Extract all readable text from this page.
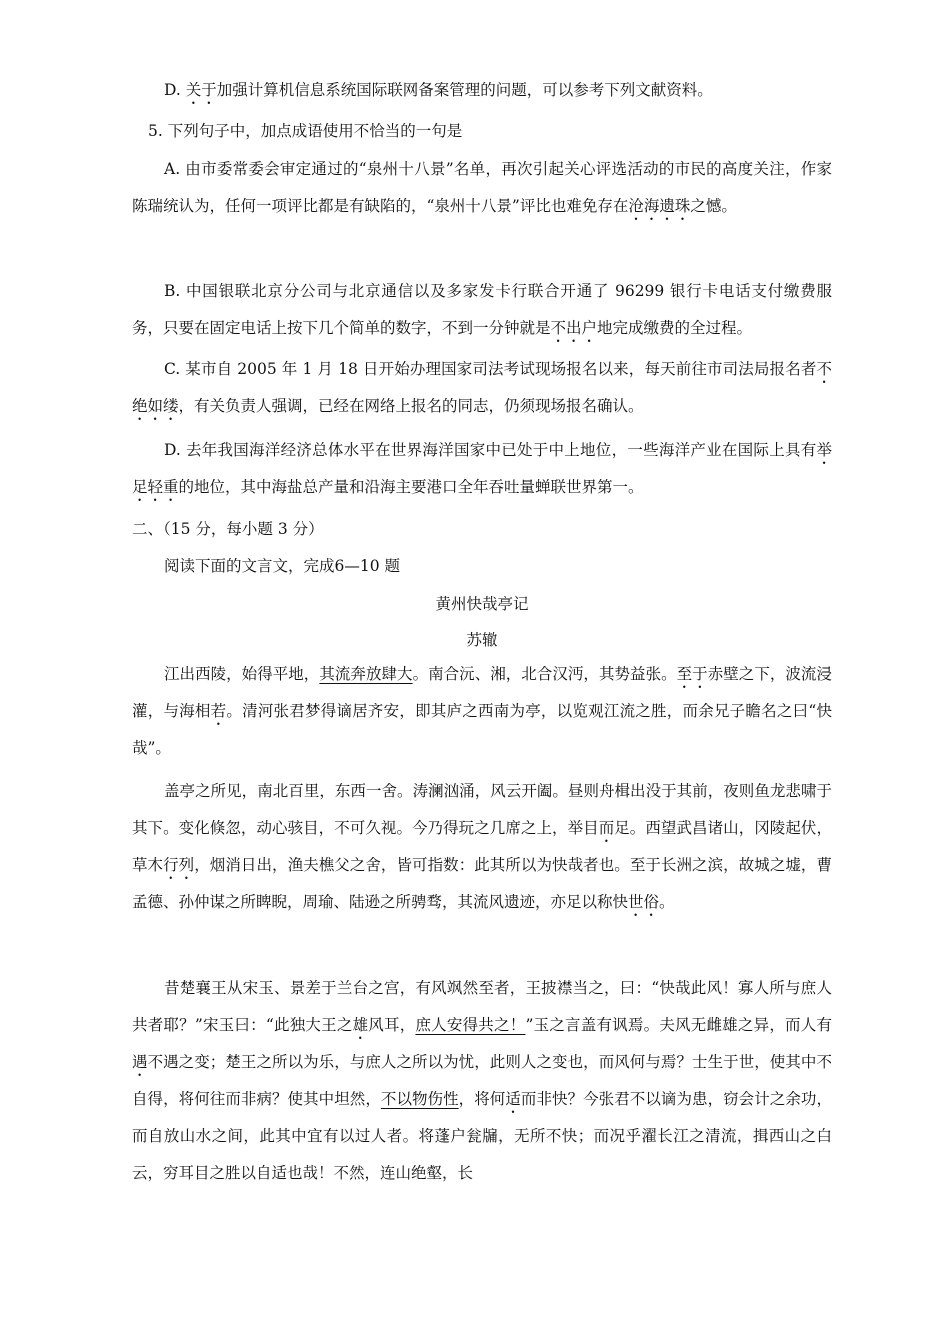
D. 关于加强计算机信息系统国际联网备案管理的问题，可以参考下列文献资料。

5. 下列句子中，加点成语使用不恰当的一句是

A. 由市委常委会审定通过的“泉州十八景”名单，再次引起关心评选活动的市民的高度关注，作家陈瑞统认为，任何一项评比都是有缺陷的，“泉州十八景”评比也难免存在沧海遗珠之憾。

B. 中国银联北京分公司与北京通信以及多家发卡行联合开通了 96299 银行卡电话支付缴费服务，只要在固定电话上按下几个简单的数字，不到一分钟就是不出户地完成缴费的全过程。

C. 某市自 2005 年 1 月 18 日开始办理国家司法考试现场报名以来，每天前往市司法局报名者不绝如缕，有关负责人强调，已经在网络上报名的同志，仍须现场报名确认。

D. 去年我国海洋经济总体水平在世界海洋国家中已处于中上地位，一些海洋产业在国际上具有举足轻重的地位，其中海盐总产量和沿海主要港口全年吞吐量蝉联世界第一。

二、（15 分，每小题 3 分）

阅读下面的文言文，完成6—10 题

黄州快哉亭记

苏辙

江出西陵，始得平地，其流奔放肆大。南合沅、湘，北合汉沔，其势益张。至于赤壁之下，波流浸灌，与海相若。清河张君梦得谪居齐安，即其庐之西南为亭，以览观江流之胜，而余兄子瞻名之曰“快哉”。

盖亭之所见，南北百里，东西一舍。涛澜汹涌，风云开阖。昼则舟楫出没于其前，夜则鱼龙悲啸于其下。变化倏忽，动心骇目，不可久视。今乃得玩之几席之上，举目而足。西望武昌诸山，冈陵起伏，草木行列，烟消日出，渔夫樵父之舍，皆可指数：此其所以为快哉者也。至于长洲之滨，故城之墟，曹孟德、孙仲谋之所睥睨，周瑜、陆逊之所骋骛，其流风遗迹，亦足以称快世俗。

昔楚襄王从宋玉、景差于兰台之宫，有风飒然至者，王披襟当之，曰：“快哉此风！寡人所与庶人共者耶？”宋玉曰：“此独大王之雄风耳，庶人安得共之！”玉之言盖有讽焉。夫风无雌雄之异，而人有遇不遇之变；楚王之所以为乐，与庶人之所以为忧，此则人之变也，而风何与焉？士生于世，使其中不自得，将何往而非病？使其中坦然，不以物伤性，将何适而非快？今张君不以谪为患，窃会计之余功，而自放山水之间，此其中宜有以过人者。将蓬户瓮牖，无所不快；而况乎濯长江之清流，揖西山之白云，穷耳目之胜以自适也哉！不然，连山绝壑，长
